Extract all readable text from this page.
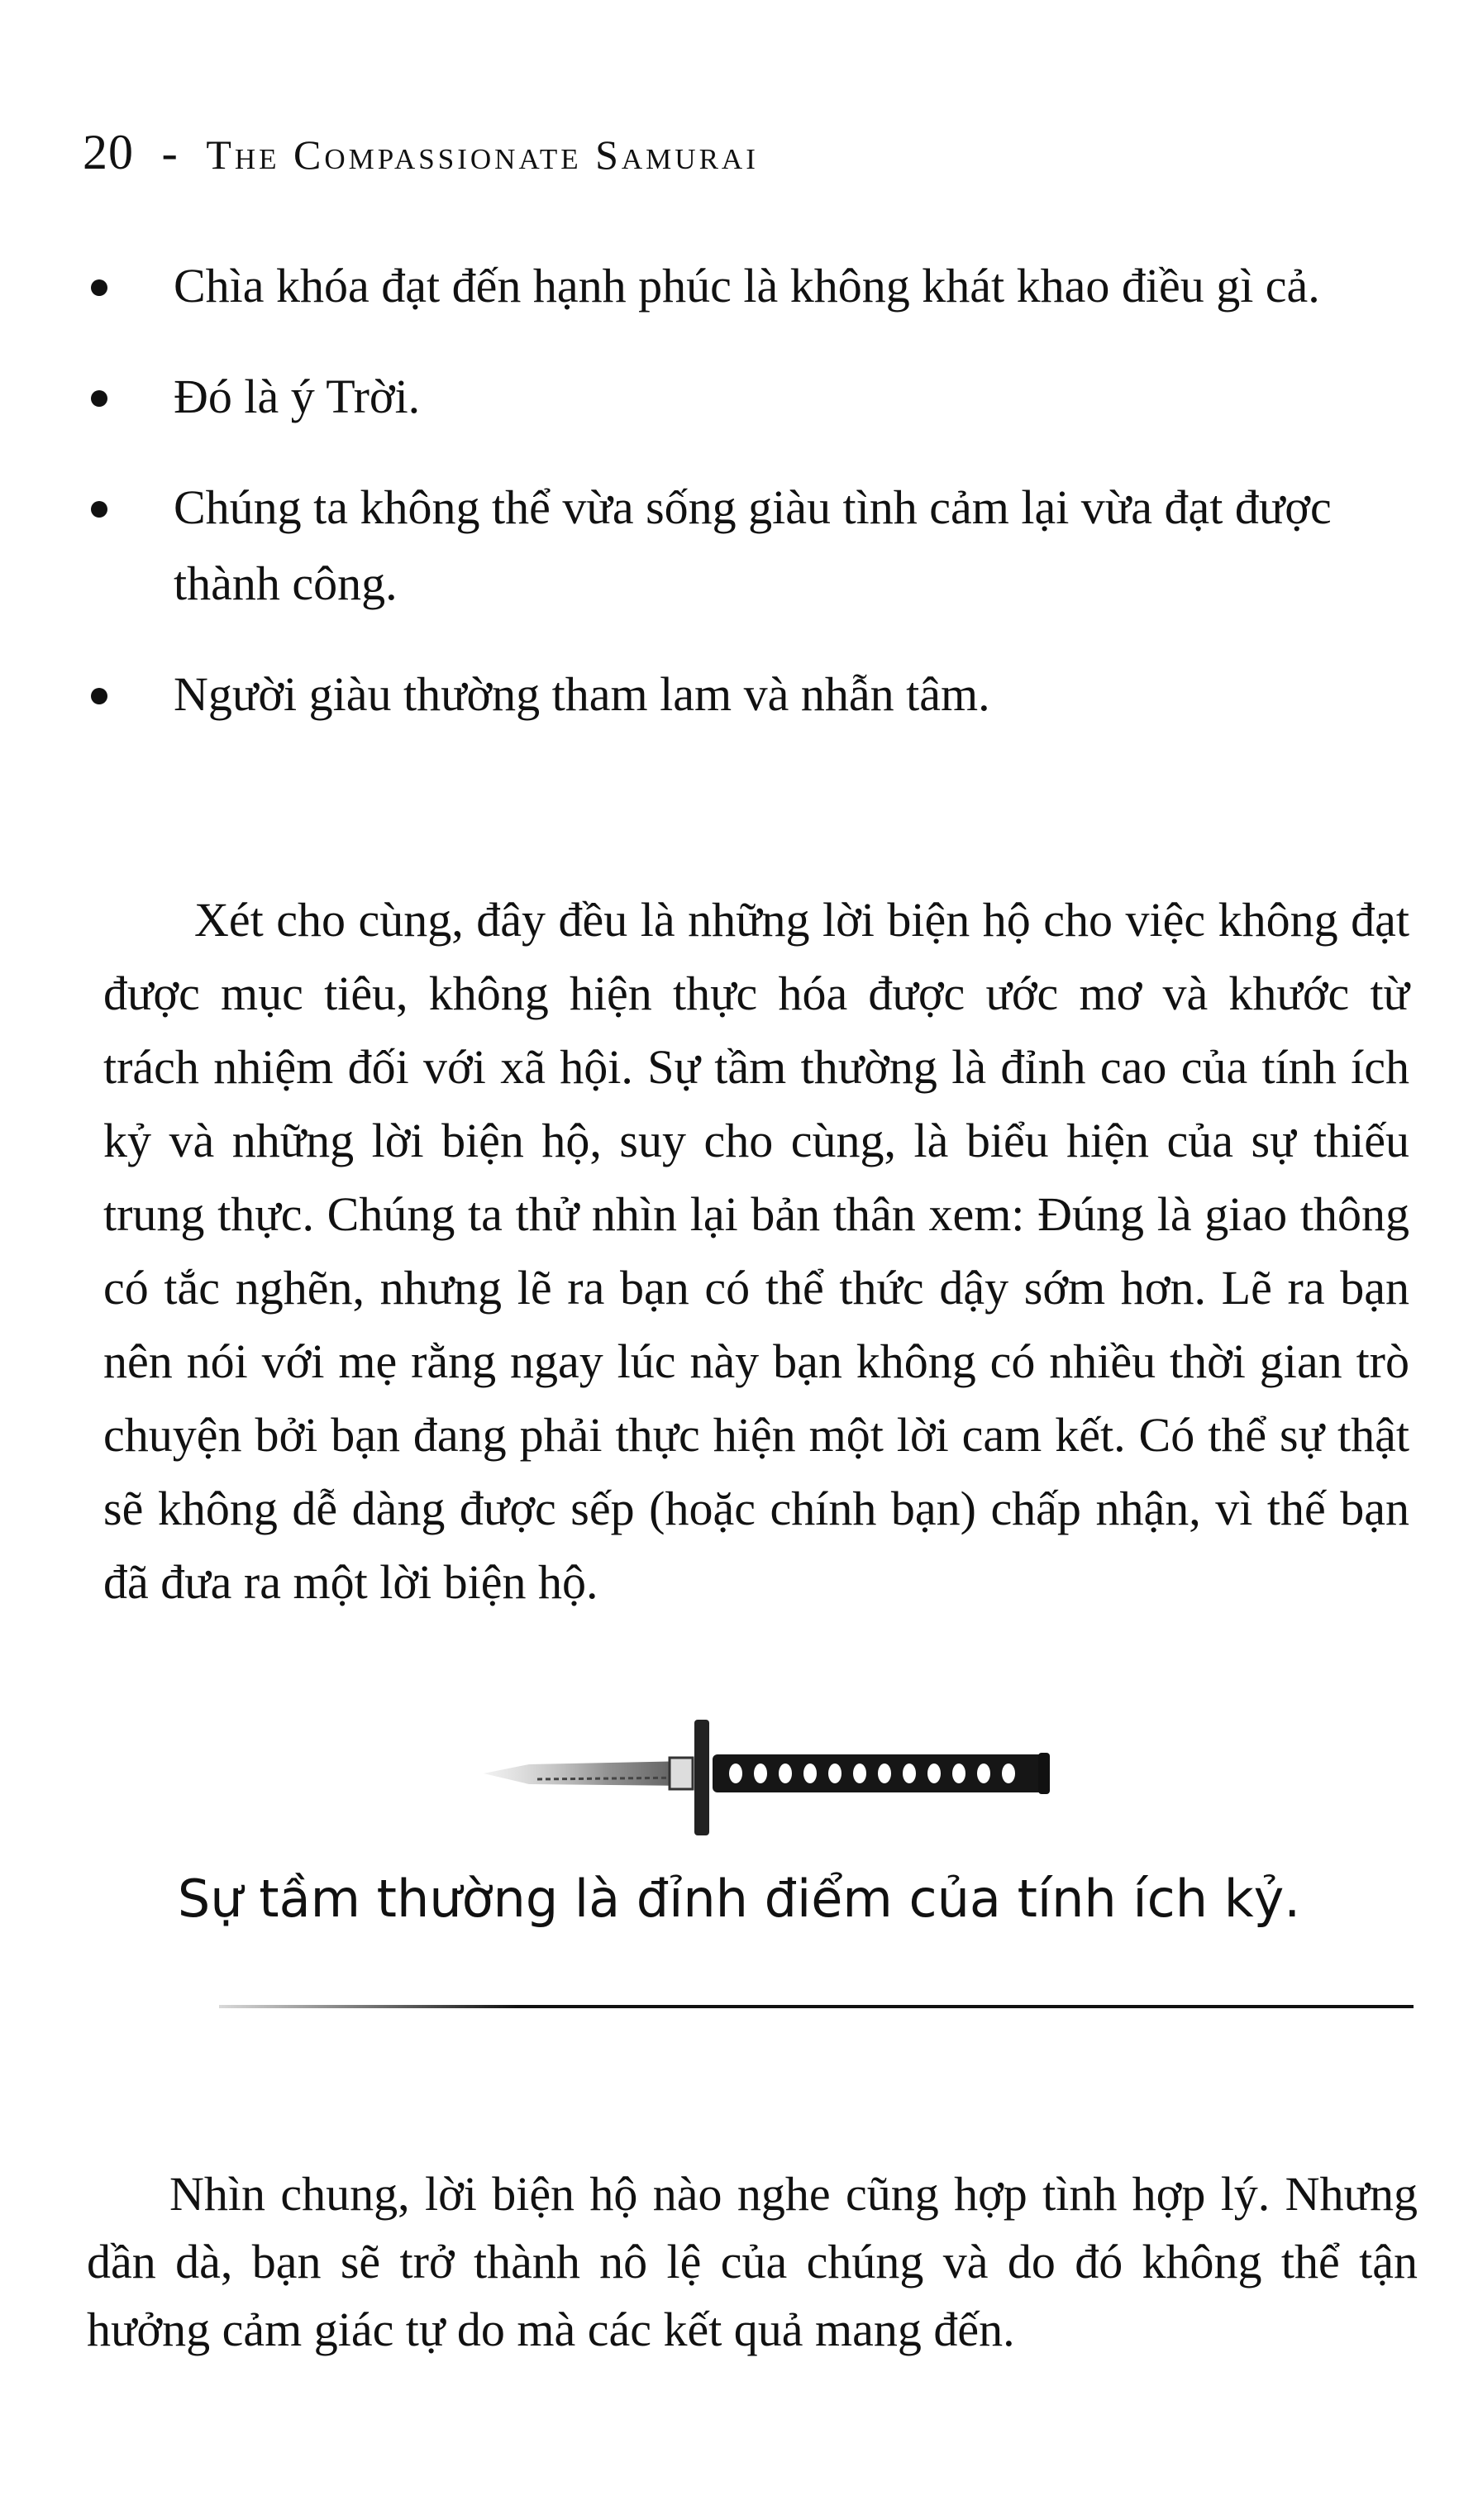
20 - The Compassionate Samurai
Chìa khóa đạt đến hạnh phúc là không khát khao điều gì cả.
Đó là ý Trời.
Chúng ta không thể vừa sống giàu tình cảm lại vừa đạt được thành công.
Người giàu thường tham lam và nhẫn tâm.

Xét cho cùng, đây đều là những lời biện hộ cho việc không đạt được mục tiêu, không hiện thực hóa được ước mơ và khước từ trách nhiệm đối với xã hội. Sự tầm thường là đỉnh cao của tính ích kỷ và những lời biện hộ, suy cho cùng, là biểu hiện của sự thiếu trung thực. Chúng ta thử nhìn lại bản thân xem: Đúng là giao thông có tắc nghẽn, nhưng lẽ ra bạn có thể thức dậy sớm hơn. Lẽ ra bạn nên nói với mẹ rằng ngay lúc này bạn không có nhiều thời gian trò chuyện bởi bạn đang phải thực hiện một lời cam kết. Có thể sự thật sẽ không dễ dàng được sếp (hoặc chính bạn) chấp nhận, vì thế bạn đã đưa ra một lời biện hộ.

Sự tầm thường là đỉnh điểm của tính ích kỷ.

Nhìn chung, lời biện hộ nào nghe cũng hợp tình hợp lý. Nhưng dần dà, bạn sẽ trở thành nô lệ của chúng và do đó không thể tận hưởng cảm giác tự do mà các kết quả mang đến.
